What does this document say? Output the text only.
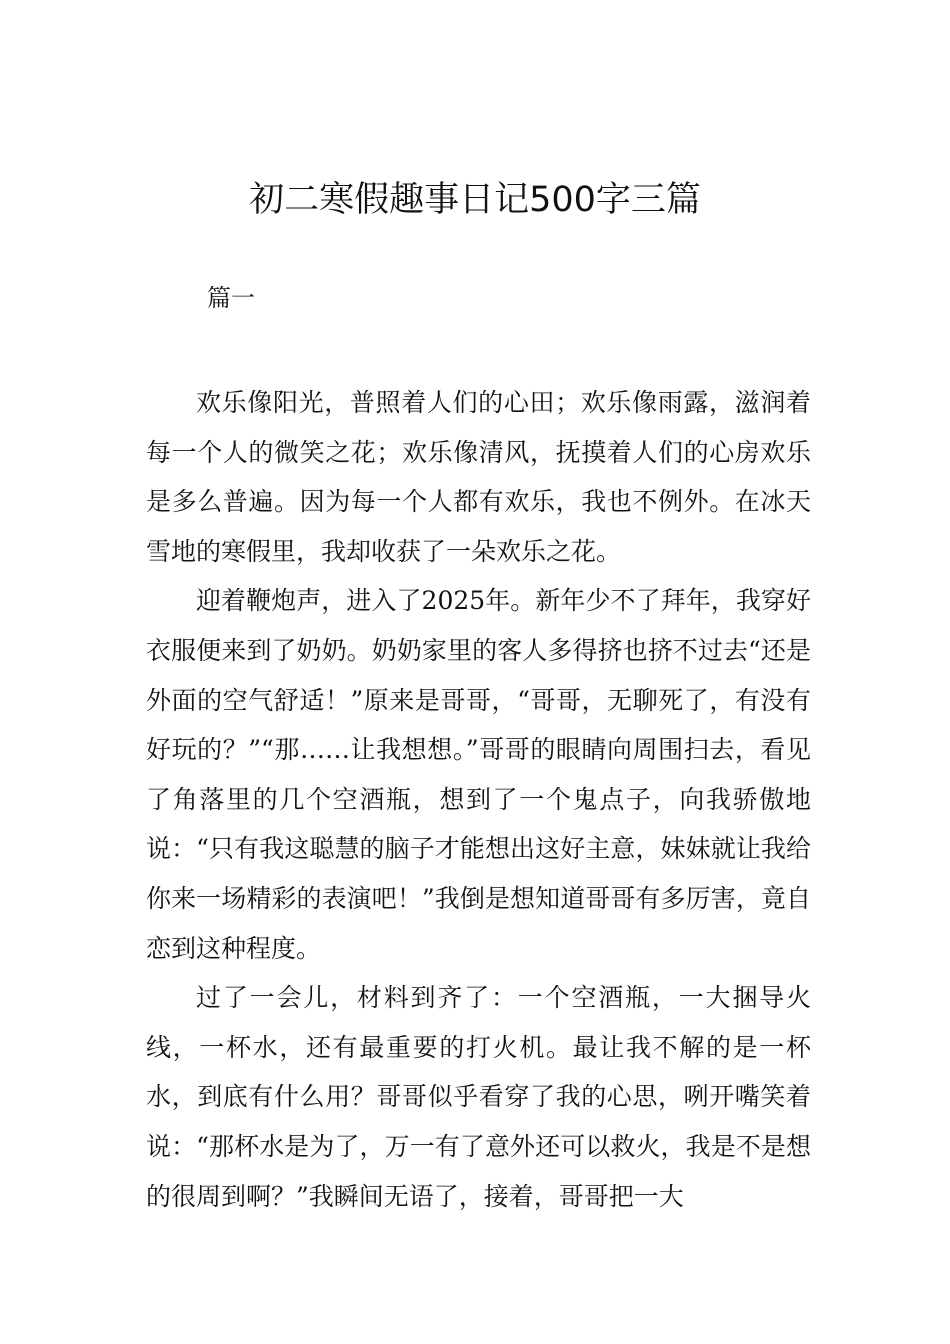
初二寒假趣事日记500字三篇

篇一

欢乐像阳光，普照着人们的心田；欢乐像雨露，滋润着每一个人的微笑之花；欢乐像清风，抚摸着人们的心房欢乐是多么普遍。因为每一个人都有欢乐，我也不例外。在冰天雪地的寒假里，我却收获了一朵欢乐之花。

迎着鞭炮声，进入了2025年。新年少不了拜年，我穿好衣服便来到了奶奶。奶奶家里的客人多得挤也挤不过去“还是外面的空气舒适！”原来是哥哥，“哥哥，无聊死了，有没有好玩的？”“那……让我想想。”哥哥的眼睛向周围扫去，看见了角落里的几个空酒瓶，想到了一个鬼点子，向我骄傲地说：“只有我这聪慧的脑子才能想出这好主意，妹妹就让我给你来一场精彩的表演吧！”我倒是想知道哥哥有多厉害，竟自恋到这种程度。

过了一会儿，材料到齐了：一个空酒瓶，一大捆导火线，一杯水，还有最重要的打火机。最让我不解的是一杯水，到底有什么用？哥哥似乎看穿了我的心思，咧开嘴笑着说：“那杯水是为了，万一有了意外还可以救火，我是不是想的很周到啊？”我瞬间无语了，接着，哥哥把一大
